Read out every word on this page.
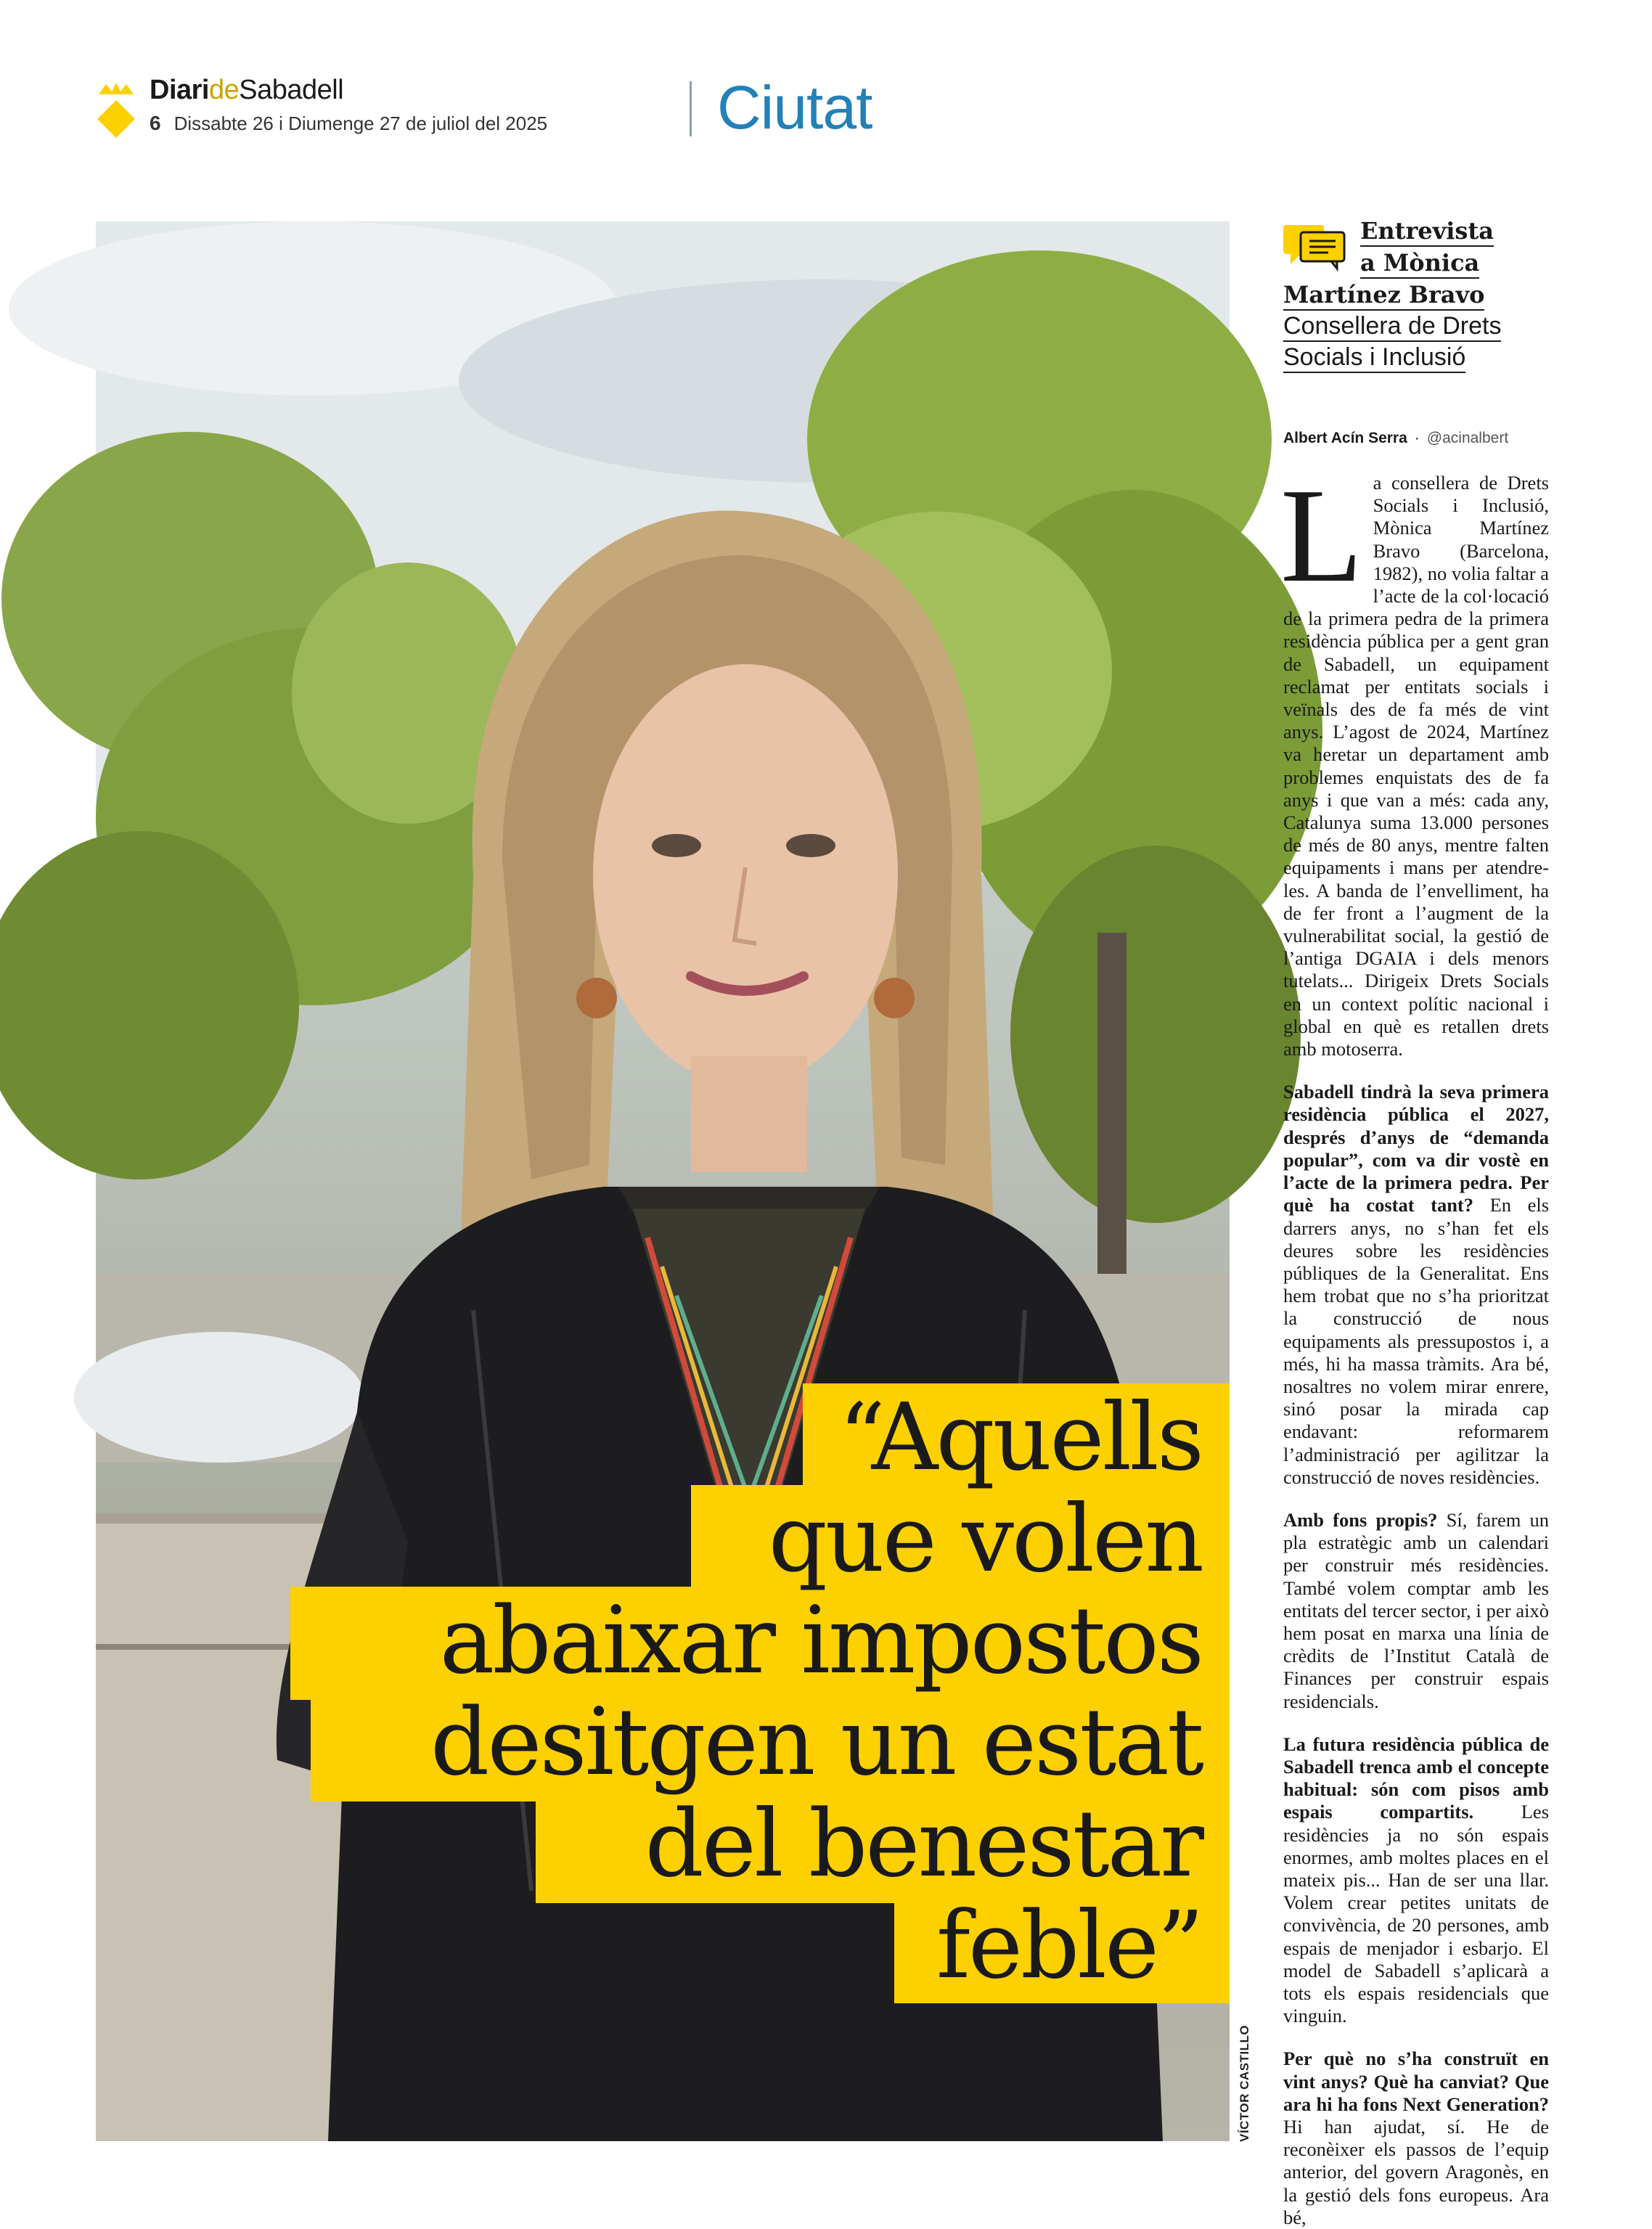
DiarideSabadell
6 Dissabte 26 i Diumenge 27 de juliol del 2025	Ciutat
VÍCTOR CASTILLO
“Aquells
que volen
abaixar impostos
desitgen un estat
del benestar
feble”
Entrevista
a Mònica
Martínez Bravo
Consellera de Drets
Socials i Inclusió
Albert Acín Serra · @acinalbert

La consellera de Drets Socials i Inclusió, Mònica Martínez Bravo (Barcelona, 1982), no volia faltar a l’acte de la col·locació de la primera pedra de la primera residència pública per a gent gran de Sabadell, un equipament reclamat per entitats socials i veïnals des de fa més de vint anys. L’agost de 2024, Martínez va heretar un departament amb problemes enquistats des de fa anys i que van a més: cada any, Catalunya suma 13.000 persones de més de 80 anys, mentre falten equipaments i mans per atendre-les. A banda de l’envelliment, ha de fer front a l’augment de la vulnerabilitat social, la gestió de l’antiga DGAIA i dels menors tutelats... Dirigeix Drets Socials en un context polític nacional i global en què es retallen drets amb motoserra.

Sabadell tindrà la seva primera residència pública el 2027, després d’anys de “demanda popular”, com va dir vostè en l’acte de la primera pedra. Per què ha costat tant? En els darrers anys, no s’han fet els deures sobre les residències públiques de la Generalitat. Ens hem trobat que no s’ha prioritzat la construcció de nous equipaments als pressupostos i, a més, hi ha massa tràmits. Ara bé, nosaltres no volem mirar enrere, sinó posar la mirada cap endavant: reformarem l’administració per agilitzar la construcció de noves residències.

Amb fons propis? Sí, farem un pla estratègic amb un calendari per construir més residències. També volem comptar amb les entitats del tercer sector, i per això hem posat en marxa una línia de crèdits de l’Institut Català de Finances per construir espais residencials.

La futura residència pública de Sabadell trenca amb el concepte habitual: són com pisos amb espais compartits. Les residències ja no són espais enormes, amb moltes places en el mateix pis... Han de ser una llar. Volem crear petites unitats de convivència, de 20 persones, amb espais de menjador i esbarjo. El model de Sabadell s’aplicarà a tots els espais residencials que vinguin.

Per què no s’ha construït en vint anys? Què ha canviat? Que ara hi ha fons Next Generation? Hi han ajudat, sí. He de reconèixer els passos de l’equip anterior, del govern Aragonès, en la gestió dels fons europeus. Ara bé,
